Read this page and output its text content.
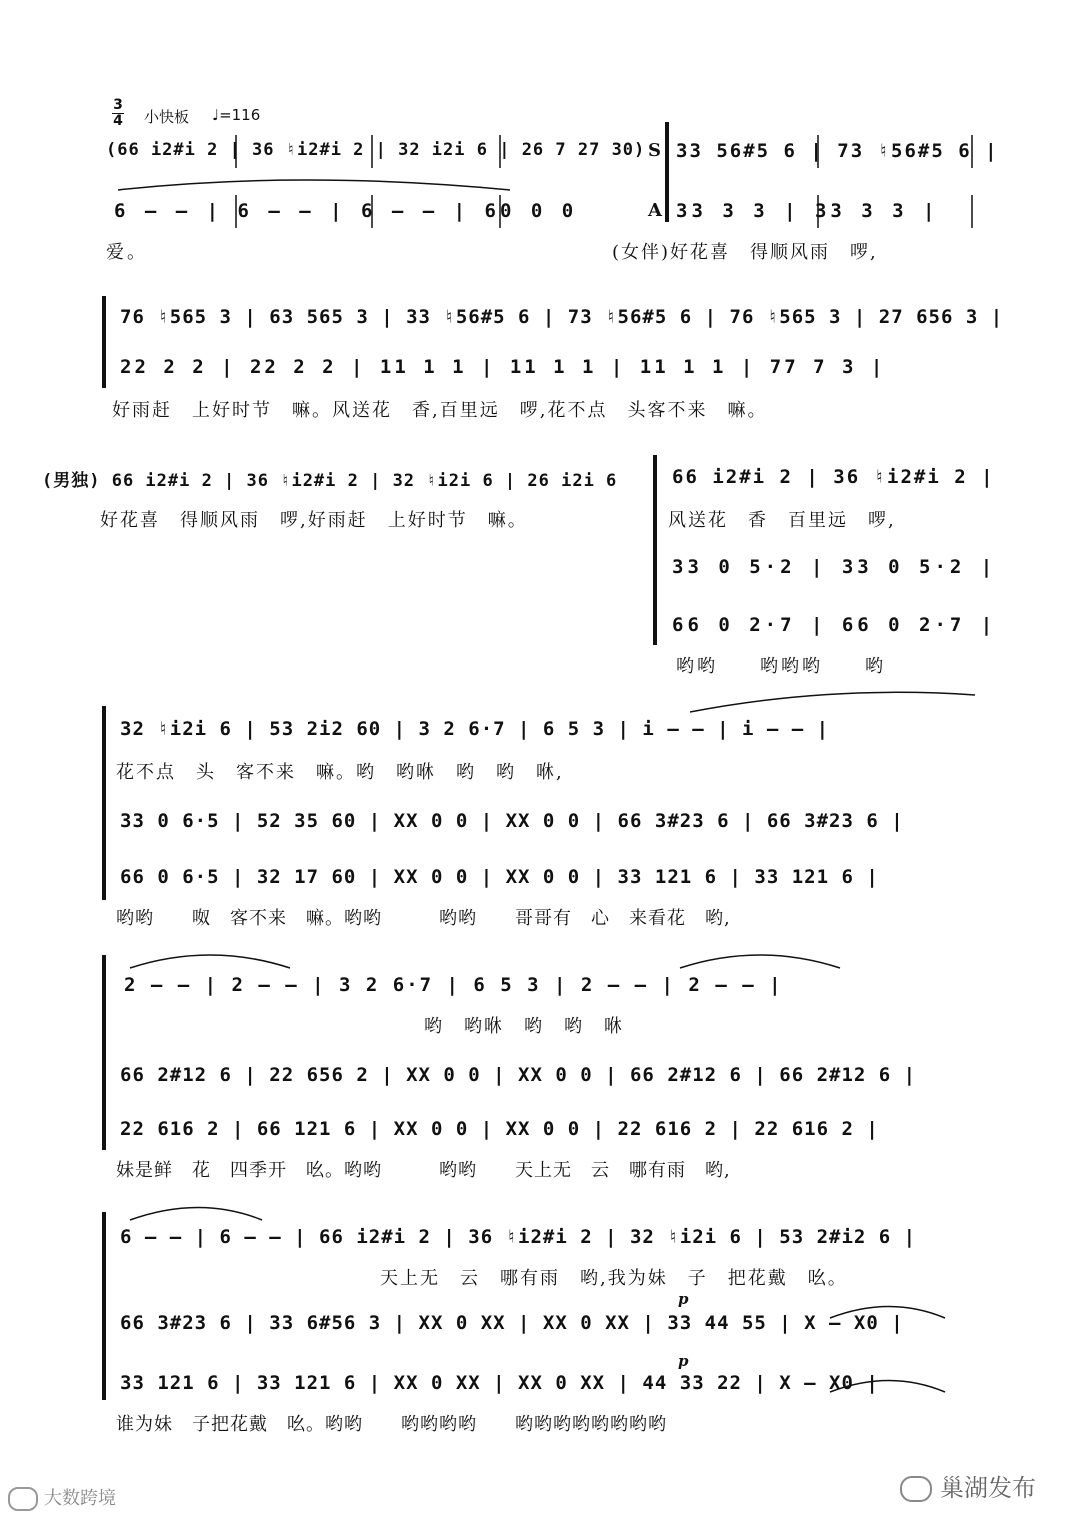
3
4 小快板 ♩=116
(66 i2#i 2 | 36 ♮i2#i 2 | 32 i2i 6 | 26 7 27 30) S 33 56#5 6 | 73 ♮56#5 6 |
6 – – | 6 – – | 6 – – | 60 0 0	A 33 3 3 | 33 3 3 |
爱。	(女伴)好花喜　得顺风雨　啰,
76 ♮565 3 | 63 565 3 | 33 ♮56#5 6 | 73 ♮56#5 6 | 76 ♮565 3 | 27 656 3 |
22 2 2 | 22 2 2 | 11 1 1 | 11 1 1 | 11 1 1 | 77 7 3 |
好雨赶　上好时节　嘛。风送花　香,百里远　啰,花不点　头客不来　嘛。
(男独) 66 i2#i 2 | 36 ♮i2#i 2 | 32 ♮i2i 6 | 26 i2i 6
好花喜　得顺风雨　啰,好雨赶　上好时节　嘛。
66 i2#i 2 | 36 ♮i2#i 2 |
风送花　香　百里远　啰,
33 0 5·2 | 33 0 5·2 |
66 0 2·7 | 66 0 2·7 |
哟哟　　哟哟哟　　哟
32 ♮i2i 6 | 53 2i2 60 | 3 2 6·7 | 6 5 3 | i – – | i – – |
花不点　头　客不来　嘛。哟　哟咻　哟　哟　咻,
33 0 6·5 | 52 35 60 | XX 0 0 | XX 0 0 | 66 3#23 6 | 66 3#23 6 |
66 0 6·5 | 32 17 60 | XX 0 0 | XX 0 0 | 33 121 6 | 33 121 6 |
哟哟　　呶　客不来　嘛。哟哟　　　哟哟　　哥哥有　心　来看花　哟,
2 – – | 2 – – | 3 2 6·7 | 6 5 3 | 2 – – | 2 – – |
哟　哟咻　哟　哟　咻
66 2#12 6 | 22 656 2 | XX 0 0 | XX 0 0 | 66 2#12 6 | 66 2#12 6 |
22 616 2 | 66 121 6 | XX 0 0 | XX 0 0 | 22 616 2 | 22 616 2 |
妹是鲜　花　四季开　吆。哟哟　　　哟哟　　天上无　云　哪有雨　哟,
6 – – | 6 – – | 66 i2#i 2 | 36 ♮i2#i 2 | 32 ♮i2i 6 | 53 2#i2 6 |
天上无　云　哪有雨　哟,我为妹　子　把花戴　吆。
p
p
66 3#23 6 | 33 6#56 3 | XX 0 XX | XX 0 XX | 33 44 55 | X – X0 |
33 121 6 | 33 121 6 | XX 0 XX | XX 0 XX | 44 33 22 | X – X0 |
谁为妹　子把花戴　吆。哟哟　　哟哟哟哟　　哟哟哟哟哟哟哟哟
大数跨境	巢湖发布
